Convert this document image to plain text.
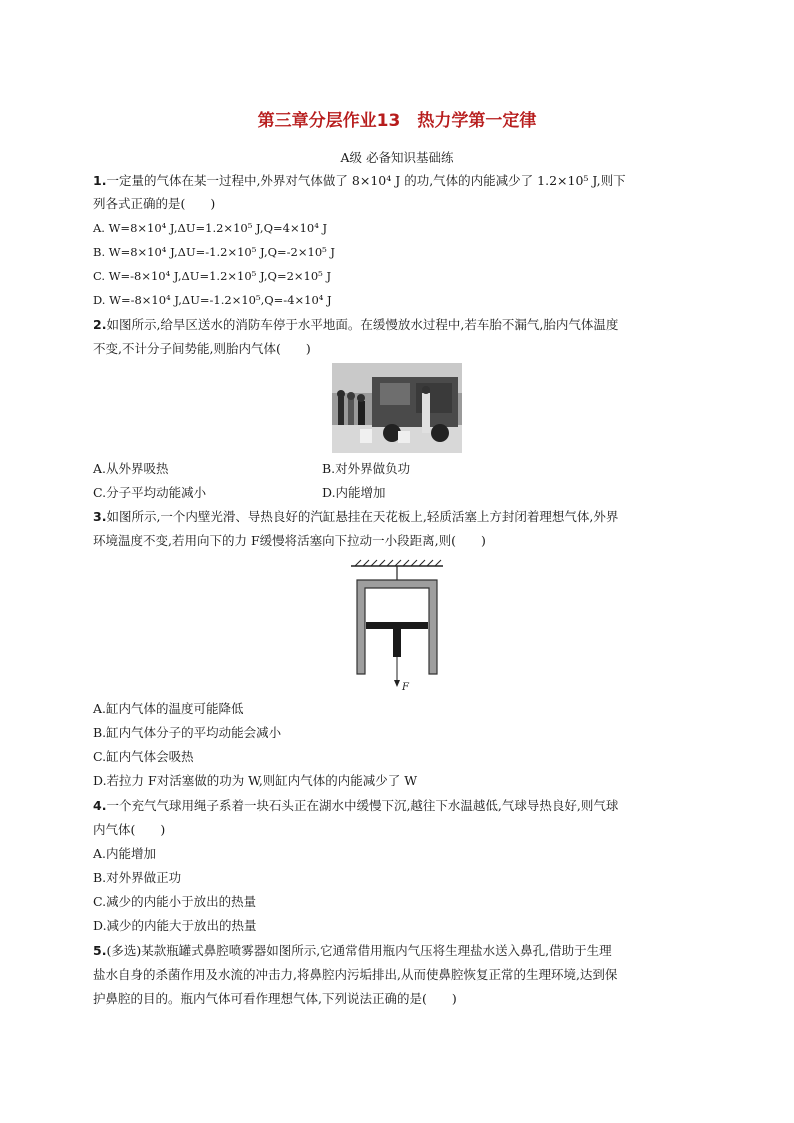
第三章分层作业13　热力学第一定律
A级 必备知识基础练
1.一定量的气体在某一过程中,外界对气体做了 8×10⁴ J 的功,气体的内能减少了 1.2×10⁵ J,则下
列各式正确的是(　　)
A. W=8×10⁴ J,ΔU=1.2×10⁵ J,Q=4×10⁴ J
B. W=8×10⁴ J,ΔU=-1.2×10⁵ J,Q=-2×10⁵ J
C. W=-8×10⁴ J,ΔU=1.2×10⁵ J,Q=2×10⁵ J
D. W=-8×10⁴ J,ΔU=-1.2×10⁵,Q=-4×10⁴ J
2.如图所示,给旱区送水的消防车停于水平地面。在缓慢放水过程中,若车胎不漏气,胎内气体温度
不变,不计分子间势能,则胎内气体(　　)
A.从外界吸热	B.对外界做负功
C.分子平均动能减小	D.内能增加
3.如图所示,一个内壁光滑、导热良好的汽缸悬挂在天花板上,轻质活塞上方封闭着理想气体,外界
环境温度不变,若用向下的力 F缓慢将活塞向下拉动一小段距离,则(　　)
F
A.缸内气体的温度可能降低
B.缸内气体分子的平均动能会减小
C.缸内气体会吸热
D.若拉力 F对活塞做的功为 W,则缸内气体的内能减少了 W
4.一个充气气球用绳子系着一块石头正在湖水中缓慢下沉,越往下水温越低,气球导热良好,则气球
内气体(　　)
A.内能增加
B.对外界做正功
C.减少的内能小于放出的热量
D.减少的内能大于放出的热量
5.(多选)某款瓶罐式鼻腔喷雾器如图所示,它通常借用瓶内气压将生理盐水送入鼻孔,借助于生理
盐水自身的杀菌作用及水流的冲击力,将鼻腔内污垢排出,从而使鼻腔恢复正常的生理环境,达到保
护鼻腔的目的。瓶内气体可看作理想气体,下列说法正确的是(　　)
